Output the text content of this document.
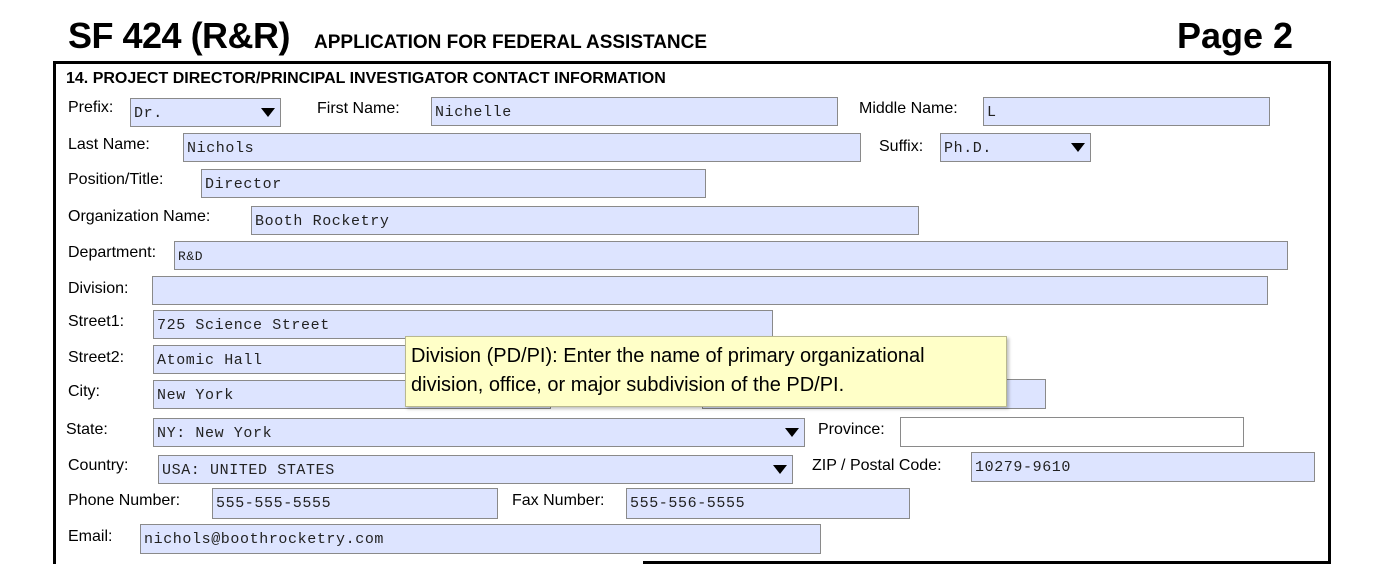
SF 424 (R&R) APPLICATION FOR FEDERAL ASSISTANCE	Page 2
14. PROJECT DIRECTOR/PRINCIPAL INVESTIGATOR CONTACT INFORMATION
Prefix: Dr.	First Name: Nichelle	Middle Name: L
Last Name: Nichols	Suffix: Ph.D.
Position/Title:	Director
Organization Name:	Booth Rocketry
Department:	R&D
Division:
Street1: 725 Science Street
Street2: Atomic Hall
City:	New York
State:	NY: New York	Province:
Country: USA: UNITED STATES	ZIP / Postal Code: 10279-9610
Phone Number: 555-555-5555	Fax Number: 555-556-5555
Email: nichols@boothrocketry.com
Division (PD/PI): Enter the name of primary organizational
division, office, or major subdivision of the PD/PI.
